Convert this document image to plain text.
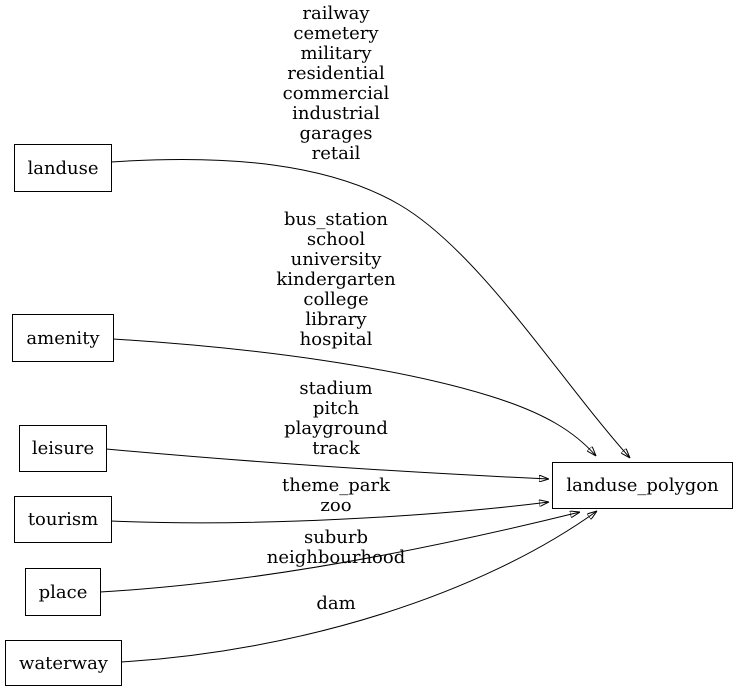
landuse
amenity
leisure
tourism
place
waterway
landuse_polygon
railway
cemetery
military
residential
commercial
industrial
garages
retail
bus_station
school
university
kindergarten
college
library
hospital
stadium
pitch
playground
track
theme_park
zoo
suburb
neighbourhood
dam
